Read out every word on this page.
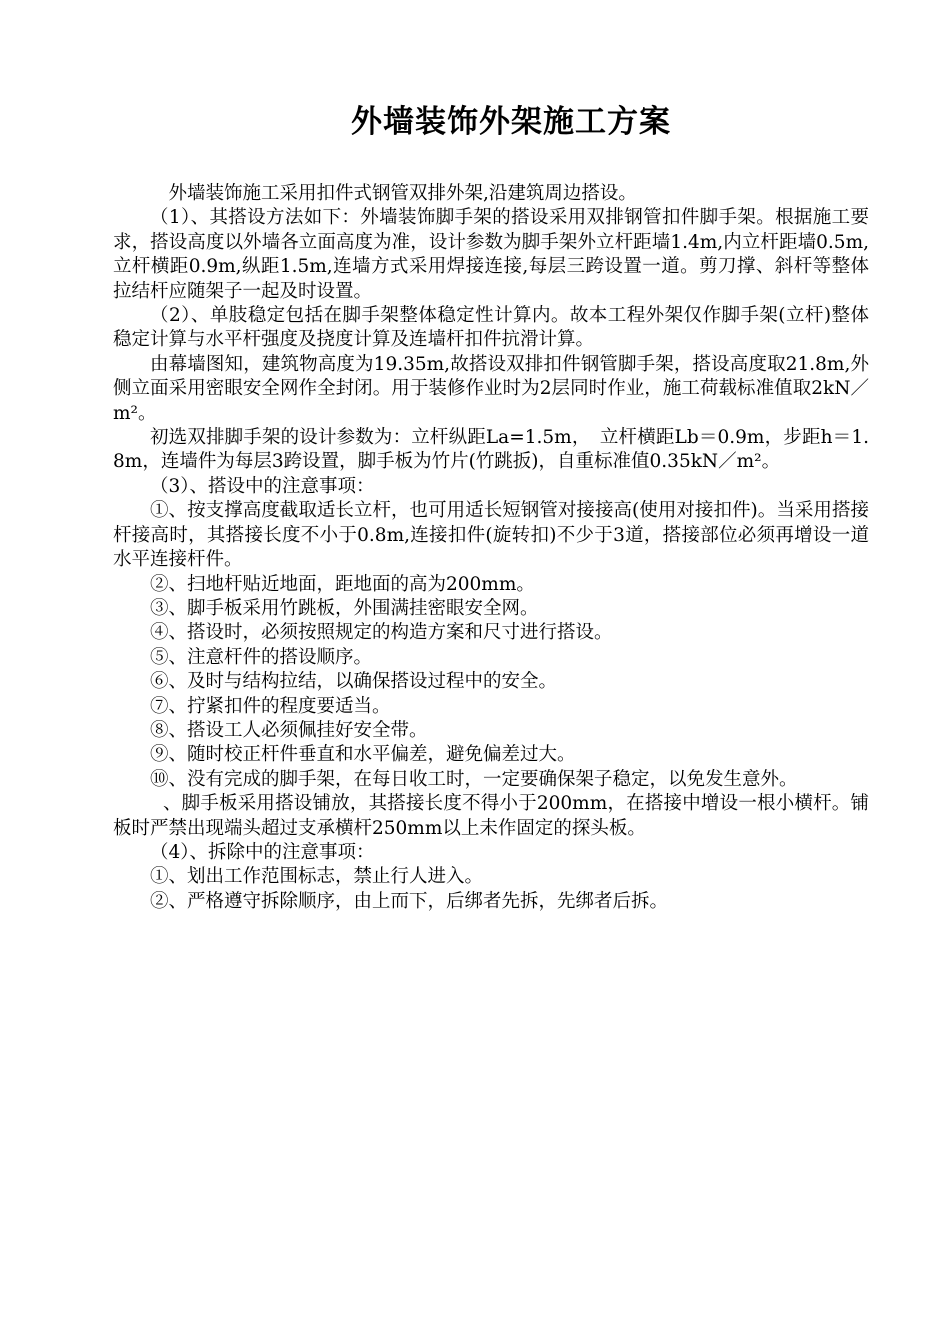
外墙装饰外架施工方案

外墙装饰施工采用扣件式钢管双排外架,沿建筑周边搭设。

（1）、其搭设方法如下：外墙装饰脚手架的搭设采用双排钢管扣件脚手架。根据施工要求，搭设高度以外墙各立面高度为准，设计参数为脚手架外立杆距墙1.4m,内立杆距墙0.5m,立杆横距0.9m,纵距1.5m,连墙方式采用焊接连接,每层三跨设置一道。剪刀撑、斜杆等整体拉结杆应随架子一起及时设置。

（2）、单肢稳定包括在脚手架整体稳定性计算内。故本工程外架仅作脚手架(立杆)整体稳定计算与水平杆强度及挠度计算及连墙杆扣件抗滑计算。

由幕墙图知，建筑物高度为19.35m,故搭设双排扣件钢管脚手架，搭设高度取21.8m,外侧立面采用密眼安全网作全封闭。用于装修作业时为2层同时作业，施工荷载标准值取2kN／m²。

初选双排脚手架的设计参数为：立杆纵距La=1.5m，　立杆横距Lb＝0.9m，步距h＝1.8m，连墙件为每层3跨设置，脚手板为竹片(竹跳扳)，自重标准值0.35kN／m²。

（3）、搭设中的注意事项：

①、按支撑高度截取适长立杆，也可用适长短钢管对接接高(使用对接扣件)。当采用搭接杆接高时，其搭接长度不小于0.8m,连接扣件(旋转扣)不少于3道，搭接部位必须再增设一道水平连接杆件。

②、扫地杆贴近地面，距地面的高为200mm。

③、脚手板采用竹跳板，外围满挂密眼安全网。

④、搭设时，必须按照规定的构造方案和尺寸进行搭设。

⑤、注意杆件的搭设顺序。

⑥、及时与结构拉结，以确保搭设过程中的安全。

⑦、拧紧扣件的程度要适当。

⑧、搭设工人必须佩挂好安全带。

⑨、随时校正杆件垂直和水平偏差，避免偏差过大。

⑩、没有完成的脚手架，在每日收工时，一定要确保架子稳定，以免发生意外。

、脚手板采用搭设铺放，其搭接长度不得小于200mm，在搭接中增设一根小横杆。铺板时严禁出现端头超过支承横杆250mm以上未作固定的探头板。

（4）、拆除中的注意事项：

①、划出工作范围标志，禁止行人进入。

②、严格遵守拆除顺序，由上而下，后绑者先拆，先绑者后拆。
